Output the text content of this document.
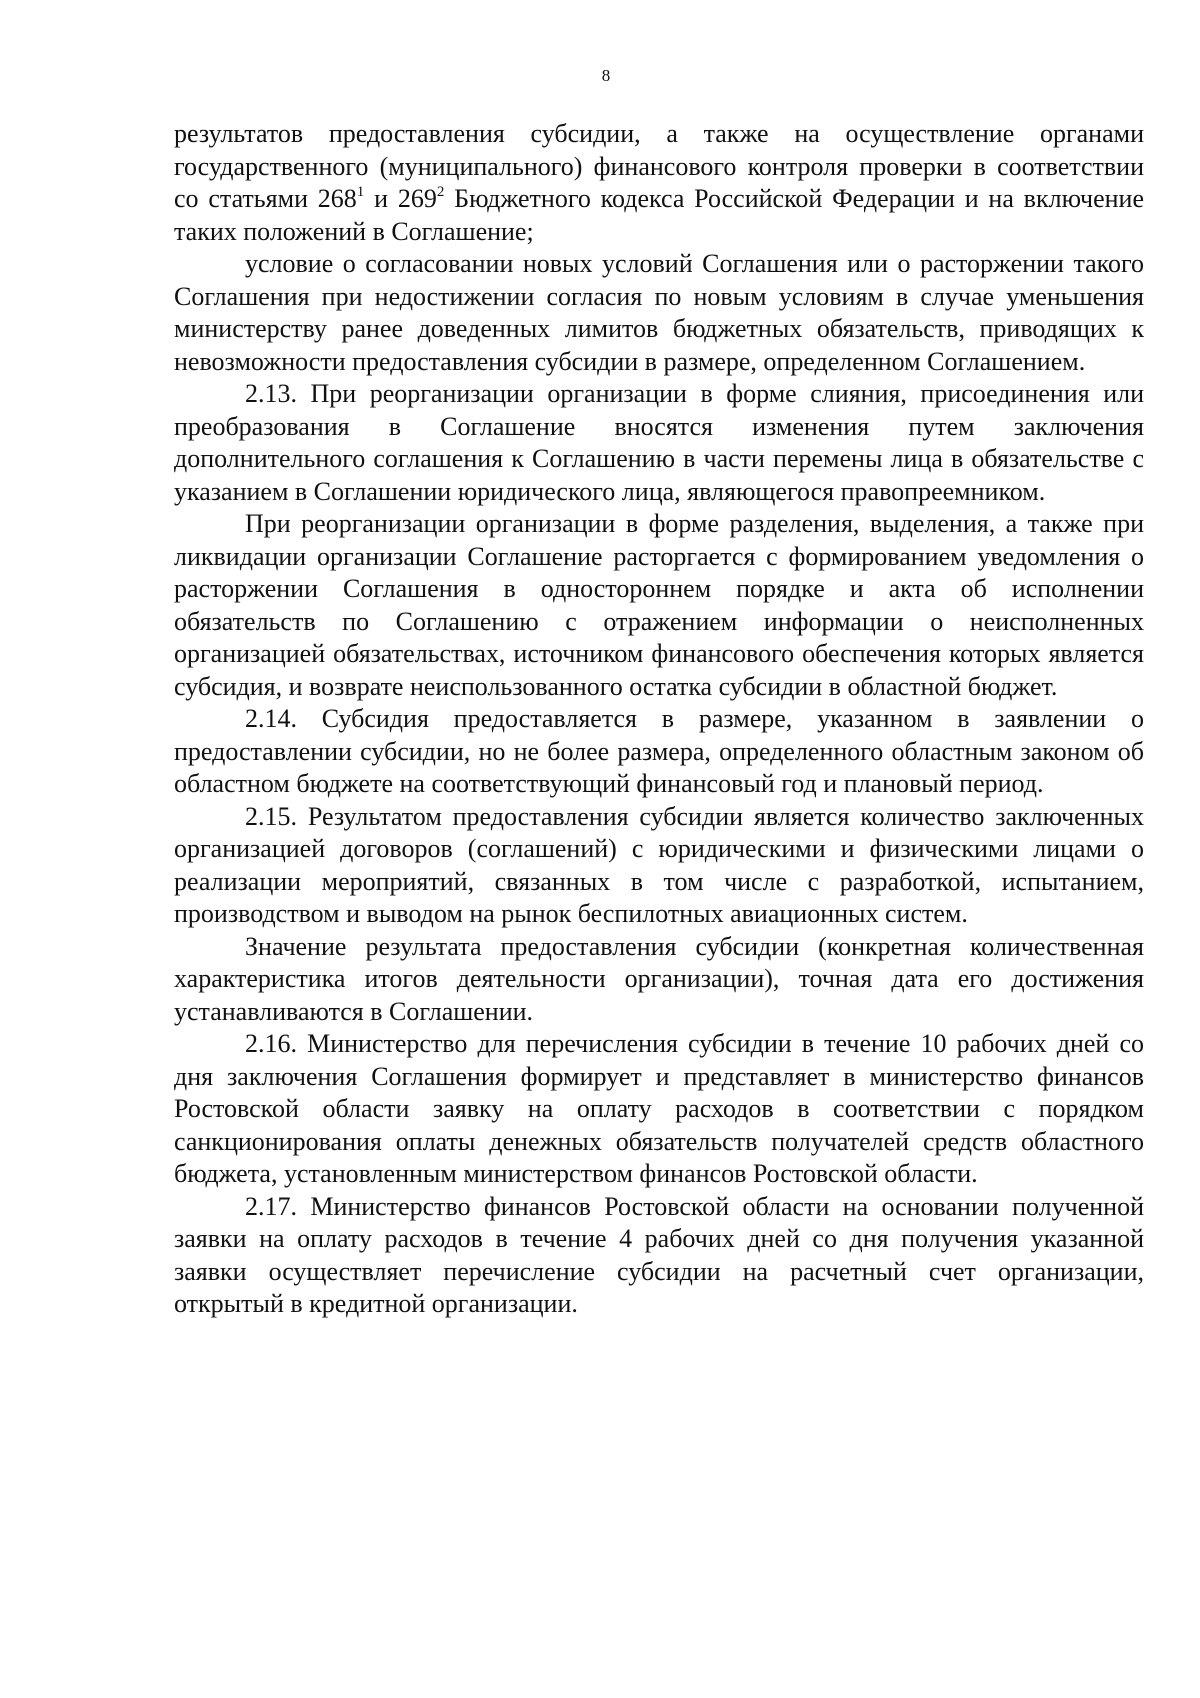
8

результатов предоставления субсидии, а также на осуществление органами государственного (муниципального) финансового контроля проверки в соответствии со статьями $268^1$ и $269^2$ Бюджетного кодекса Российской Федерации и на включение таких положений в Соглашение;

условие о согласовании новых условий Соглашения или о расторжении такого Соглашения при недостижении согласия по новым условиям в случае уменьшения министерству ранее доведенных лимитов бюджетных обязательств, приводящих к невозможности предоставления субсидии в размере, определенном Соглашением.

2.13. При реорганизации организации в форме слияния, присоединения или преобразования в Соглашение вносятся изменения путем заключения дополнительного соглашения к Соглашению в части перемены лица в обязательстве с указанием в Соглашении юридического лица, являющегося правопреемником.

При реорганизации организации в форме разделения, выделения, а также при ликвидации организации Соглашение расторгается с формированием уведомления о расторжении Соглашения в одностороннем порядке и акта об исполнении обязательств по Соглашению с отражением информации о неисполненных организацией обязательствах, источником финансового обеспечения которых является субсидия, и возврате неиспользованного остатка субсидии в областной бюджет.

2.14. Субсидия предоставляется в размере, указанном в заявлении о предоставлении субсидии, но не более размера, определенного областным законом об областном бюджете на соответствующий финансовый год и плановый период.

2.15. Результатом предоставления субсидии является количество заключенных организацией договоров (соглашений) с юридическими и физическими лицами о реализации мероприятий, связанных в том числе с разработкой, испытанием, производством и выводом на рынок беспилотных авиационных систем.

Значение результата предоставления субсидии (конкретная количественная характеристика итогов деятельности организации), точная дата его достижения устанавливаются в Соглашении.

2.16. Министерство для перечисления субсидии в течение 10 рабочих дней со дня заключения Соглашения формирует и представляет в министерство финансов Ростовской области заявку на оплату расходов в соответствии с порядком санкционирования оплаты денежных обязательств получателей средств областного бюджета, установленным министерством финансов Ростовской области.

2.17. Министерство финансов Ростовской области на основании полученной заявки на оплату расходов в течение 4 рабочих дней со дня получения указанной заявки осуществляет перечисление субсидии на расчетный счет организации, открытый в кредитной организации.
